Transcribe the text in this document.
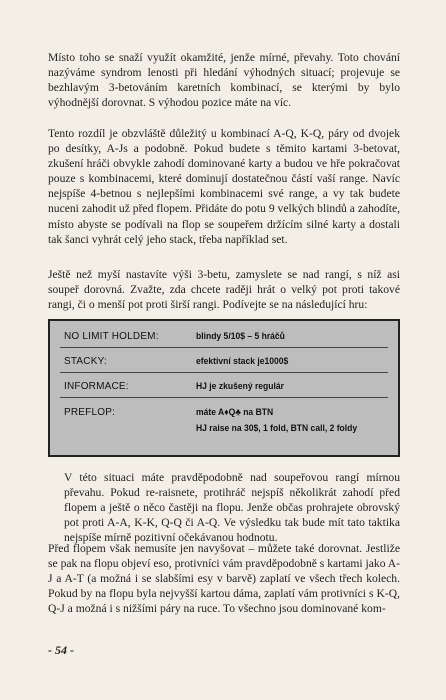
Místo toho se snaží využít okamžité, jenže mírné, převahy. Toto chování nazýváme syndrom lenosti při hledání výhodných situací; projevuje se bezhlavým 3-betováním karetních kombinací, se kterými by bylo výhodnější dorovnat. S výhodou pozice máte na víc.

Tento rozdíl je obzvláště důležitý u kombinací A-Q, K-Q, páry od dvojek po desítky, A-Js a podobně. Pokud budete s těmito kartami 3-betovat, zkušení hráči obvykle zahodí dominované karty a budou ve hře pokračovat pouze s kombinacemi, které dominují dostatečnou částí vaší range. Navíc nejspíše 4-betnou s nejlepšími kombinacemi své range, a vy tak budete nuceni zahodit už před flopem. Přidáte do potu 9 velkých blindů a zahodíte, místo abyste se podívali na flop se soupeřem držícím silné karty a dostali tak šanci vyhrát celý jeho stack, třeba například set.

Ještě než myší nastavíte výši 3-betu, zamyslete se nad rangí, s níž asi soupeř dorovná. Zvažte, zda chcete raději hrát o velký pot proti takové rangi, či o menší pot proti širší rangi. Podívejte se na následující hru:

NO LIMIT HOLDEM:	blindy 5/10$ – 5 hráčů
STACKY:	efektivní stack je1000$
INFORMACE:	HJ je zkušený regulár
PREFLOP:	máte A♦Q♣ na BTN
HJ raise na 30$, 1 fold, BTN call, 2 foldy

V této situaci máte pravděpodobně nad soupeřovou rangí mírnou převahu. Pokud re-raisnete, protihráč nejspíš několikrát zahodí před flopem a ještě o něco častěji na flopu. Jenže občas prohrajete obrovský pot proti A-A, K-K, Q-Q či A-Q. Ve výsledku tak bude mít tato taktika nejspíše mírně pozitivní očekávanou hodnotu.

Před flopem však nemusíte jen navyšovat – můžete také dorovnat. Jestliže se pak na flopu objeví eso, protivníci vám pravděpodobně s kartami jako A-J a A-T (a možná i se slabšími esy v barvě) zaplatí ve všech třech kolech. Pokud by na flopu byla nejvyšší kartou dáma, zaplatí vám protivníci s K-Q, Q-J a možná i s nižšími páry na ruce. To všechno jsou dominované kom-

- 54 -
